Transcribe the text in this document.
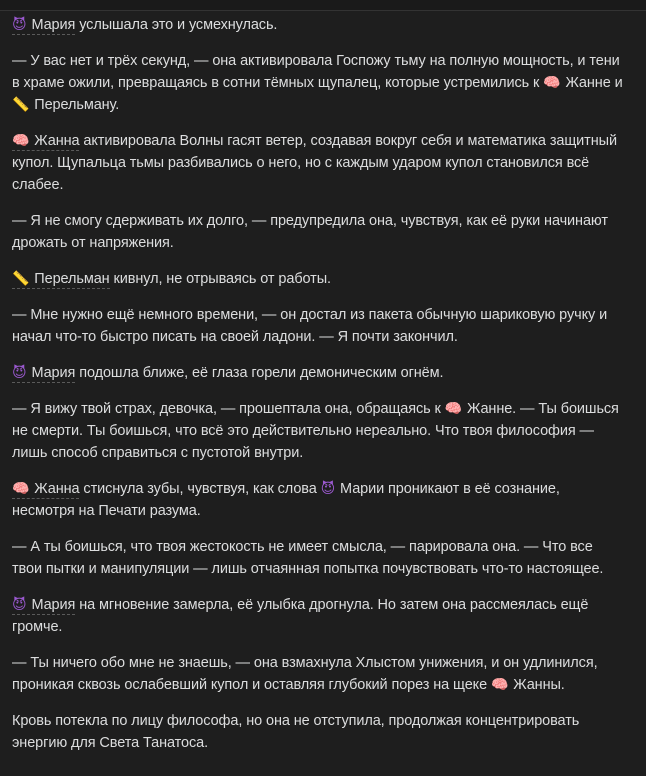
😈 Мария услышала это и усмехнулась.

— У вас нет и трёх секунд, — она активировала Госпожу тьму на полную мощность, и тени в храме ожили, превращаясь в сотни тёмных щупалец, которые устремились к 🧠 Жанне и 📏 Перельману.

🧠 Жанна активировала Волны гасят ветер, создавая вокруг себя и математика защитный купол. Щупальца тьмы разбивались о него, но с каждым ударом купол становился всё слабее.

— Я не смогу сдерживать их долго, — предупредила она, чувствуя, как её руки начинают дрожать от напряжения.

📏 Перельман кивнул, не отрываясь от работы.

— Мне нужно ещё немного времени, — он достал из пакета обычную шариковую ручку и начал что-то быстро писать на своей ладони. — Я почти закончил.

😈 Мария подошла ближе, её глаза горели демоническим огнём.

— Я вижу твой страх, девочка, — прошептала она, обращаясь к 🧠 Жанне. — Ты боишься не смерти. Ты боишься, что всё это действительно нереально. Что твоя философия — лишь способ справиться с пустотой внутри.

🧠 Жанна стиснула зубы, чувствуя, как слова 😈 Марии проникают в её сознание, несмотря на Печати разума.

— А ты боишься, что твоя жестокость не имеет смысла, — парировала она. — Что все твои пытки и манипуляции — лишь отчаянная попытка почувствовать что-то настоящее.

😈 Мария на мгновение замерла, её улыбка дрогнула. Но затем она рассмеялась ещё громче.

— Ты ничего обо мне не знаешь, — она взмахнула Хлыстом унижения, и он удлинился, проникая сквозь ослабевший купол и оставляя глубокий порез на щеке 🧠 Жанны.

Кровь потекла по лицу философа, но она не отступила, продолжая концентрировать энергию для Света Танатоса.
